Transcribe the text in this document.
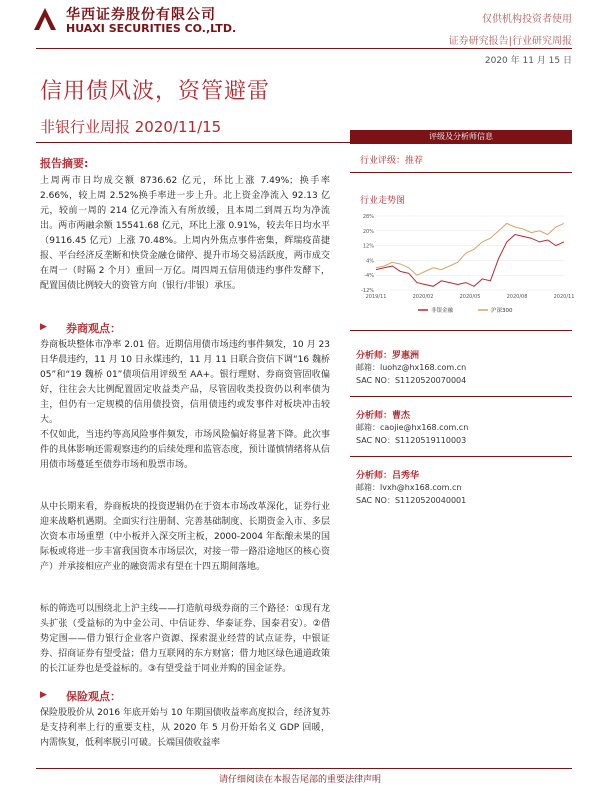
华西证券股份有限公司
HUAXI SECURITIES CO.,LTD.
仅供机构投资者使用
证券研究报告|行业研究周报
2020 年 11 月 15 日
信用债风波，资管避雷
非银行业周报 2020/11/15
报告摘要:
上周两市日均成交额 8736.62 亿元，环比上涨 7.49%；换手率 2.66%，较上周 2.52%换手率进一步上升。北上资金净流入 92.13 亿元，较前一周的 214 亿元净流入有所放缓，且本周二到周五均为净流出。两市两融余额 15541.68 亿元，环比上涨 0.91%，较去年日均水平（9116.45 亿元）上涨 70.48%。上周内外焦点事件密集，辉瑞疫苗捷报、平台经济反垄断和快贷金融仓储停、提升市场交易活跃度，两市成交在周一（时隔 2 个月）重回一万亿。周四周五信用债违约事件发酵下，配置国债比例较大的资管方向（银行/非银）承压。
▶ 券商观点：
券商板块整体市净率 2.01 倍。近期信用债市场违约事件频发，10 月 23 日华晨违约，11 月 10 日永煤违约，11 月 11 日联合资信下调“16 魏桥 05”和“19 魏桥 01”债项信用评级至 AA+。银行理财、券商资管固收偏好，往往会大比例配置固定收益类产品，尽管固收类投资仍以利率债为主，但仍有一定规模的信用债投资，信用债违约或发事件对板块冲击较大。
不仅如此，当违约等高风险事件频发，市场风险偏好将显著下降。此次事件的具体影响还需观察违约的后续处理和监管态度，预计谨慎情绪将从信用债市场蔓延至债券市场和股票市场。
从中长期来看，券商板块的投资逻辑仍在于资本市场改革深化，证券行业迎来战略机遇期。全面实行注册制、完善基础制度、长期资金入市、多层次资本市场重塑（中小板并入深交所主板，2000-2004 年酝酿未果的国际板或将进一步丰富我国资本市场层次，对接一带一路沿途地区的核心资产）并承接相应产业的融资需求有望在十四五期间落地。
标的筛选可以围绕北上沪主线——打造航母级券商的三个路径：①现有龙头扩张（受益标的为中金公司、中信证券、华泰证券、国泰君安）。②借势定围——借力银行企业客户资源、探索混业经营的试点证券，中银证券、招商证券有望受益；借力互联网的东方财富；借力地区绿色通道政策的长江证券也是受益标的。③有望受益于同业并购的国金证券。
▶ 保险观点：
保险股股价从 2016 年底开始与 10 年期国债收益率高度拟合，经济复苏是支持利率上行的重要支柱，从 2020 年 5 月份开始名义 GDP 回暖，内需恢复，低利率脱引可破。长端国债收益率
评级及分析师信息
行业评级：推荐
行业走势图
28%
20%
12%
4%
-4%
-12%
2019/11	2020/02	2020/05	2020/08	2020/11
非银金融	沪深300
分析师：罗惠洲
邮箱：luohz@hx168.com.cn
SAC NO：S1120520070004
分析师：曹杰
邮箱：caojie@hx168.com.cn
SAC NO：S1120519110003
分析师：吕秀华
邮箱：lvxh@hx168.com.cn
SAC NO：S1120520040001
请仔细阅读在本报告尾部的重要法律声明
